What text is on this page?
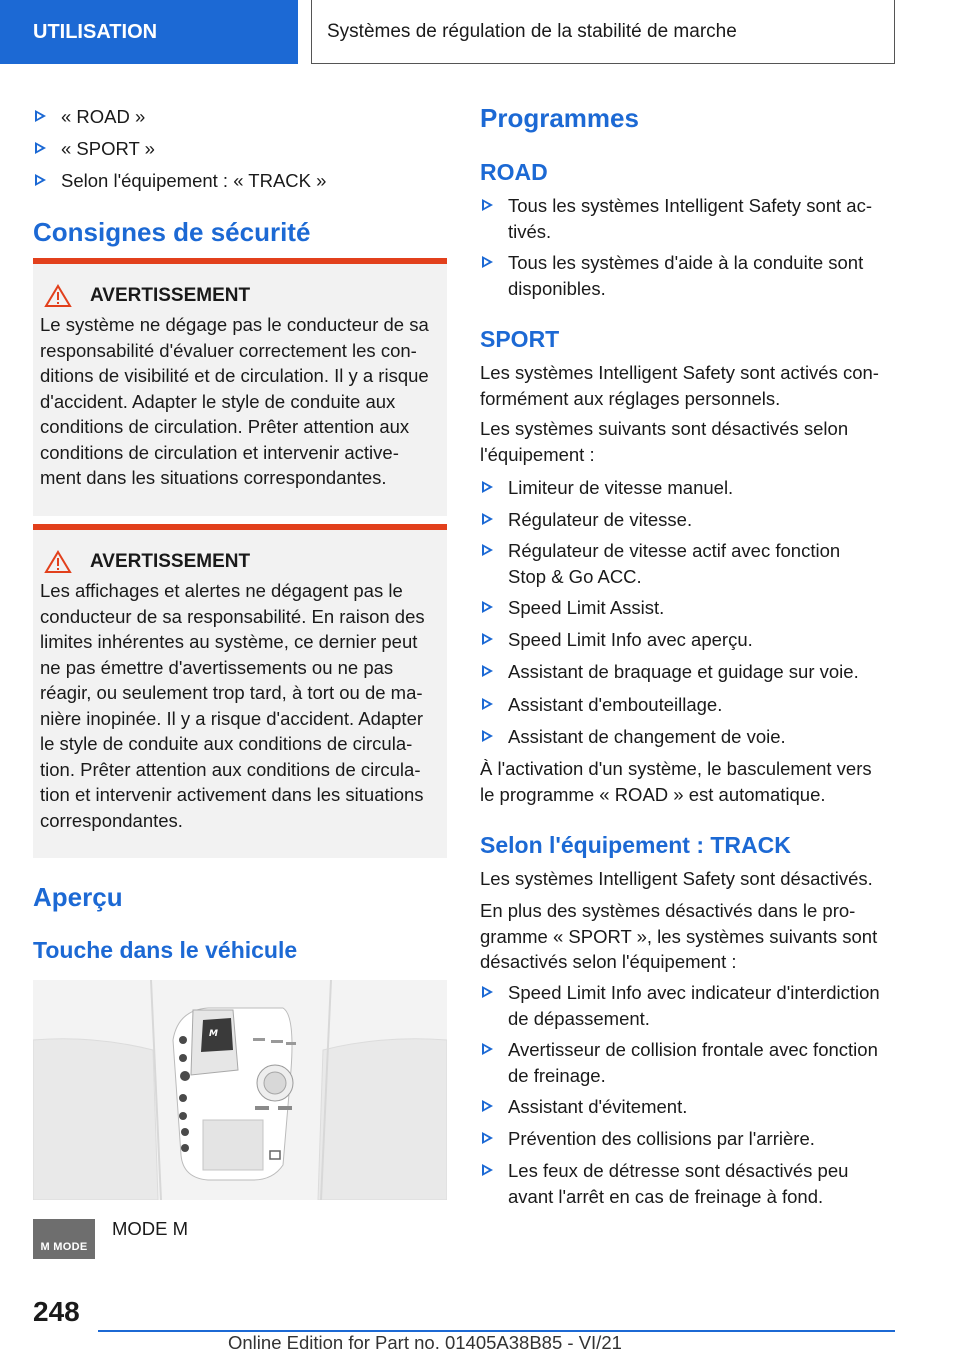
UTILISATION	Systèmes de régulation de la stabilité de marche
« ROAD »
« SPORT »
Selon l'équipement : « TRACK »
Consignes de sécurité
AVERTISSEMENT
Le système ne dégage pas le conducteur de sa
responsabilité d'évaluer correctement les con‐
ditions de visibilité et de circulation. Il y a risque
d'accident. Adapter le style de conduite aux
conditions de circulation. Prêter attention aux
conditions de circulation et intervenir active‐
ment dans les situations correspondantes.
AVERTISSEMENT
Les affichages et alertes ne dégagent pas le
conducteur de sa responsabilité. En raison des
limites inhérentes au système, ce dernier peut
ne pas émettre d'avertissements ou ne pas
réagir, ou seulement trop tard, à tort ou de ma‐
nière inopinée. Il y a risque d'accident. Adapter
le style de conduite aux conditions de circula‐
tion. Prêter attention aux conditions de circula‐
tion et intervenir activement dans les situations
correspondantes.
Aperçu
Touche dans le véhicule
M
M MODE
MODE M
Programmes
ROAD
Tous les systèmes Intelligent Safety sont ac‐
tivés.
Tous les systèmes d'aide à la conduite sont
disponibles.
SPORT
Les systèmes Intelligent Safety sont activés con‐
formément aux réglages personnels.
Les systèmes suivants sont désactivés selon
l'équipement :
Limiteur de vitesse manuel.
Régulateur de vitesse.
Régulateur de vitesse actif avec fonction
Stop & Go ACC.
Speed Limit Assist.
Speed Limit Info avec aperçu.
Assistant de braquage et guidage sur voie.
Assistant d'embouteillage.
Assistant de changement de voie.
À l'activation d'un système, le basculement vers
le programme « ROAD » est automatique.
Selon l'équipement : TRACK
Les systèmes Intelligent Safety sont désactivés.
En plus des systèmes désactivés dans le pro‐
gramme « SPORT », les systèmes suivants sont
désactivés selon l'équipement :
Speed Limit Info avec indicateur d'interdiction
de dépassement.
Avertisseur de collision frontale avec fonction
de freinage.
Assistant d'évitement.
Prévention des collisions par l'arrière.
Les feux de détresse sont désactivés peu
avant l'arrêt en cas de freinage à fond.
248
Online Edition for Part no. 01405A38B85 - VI/21
